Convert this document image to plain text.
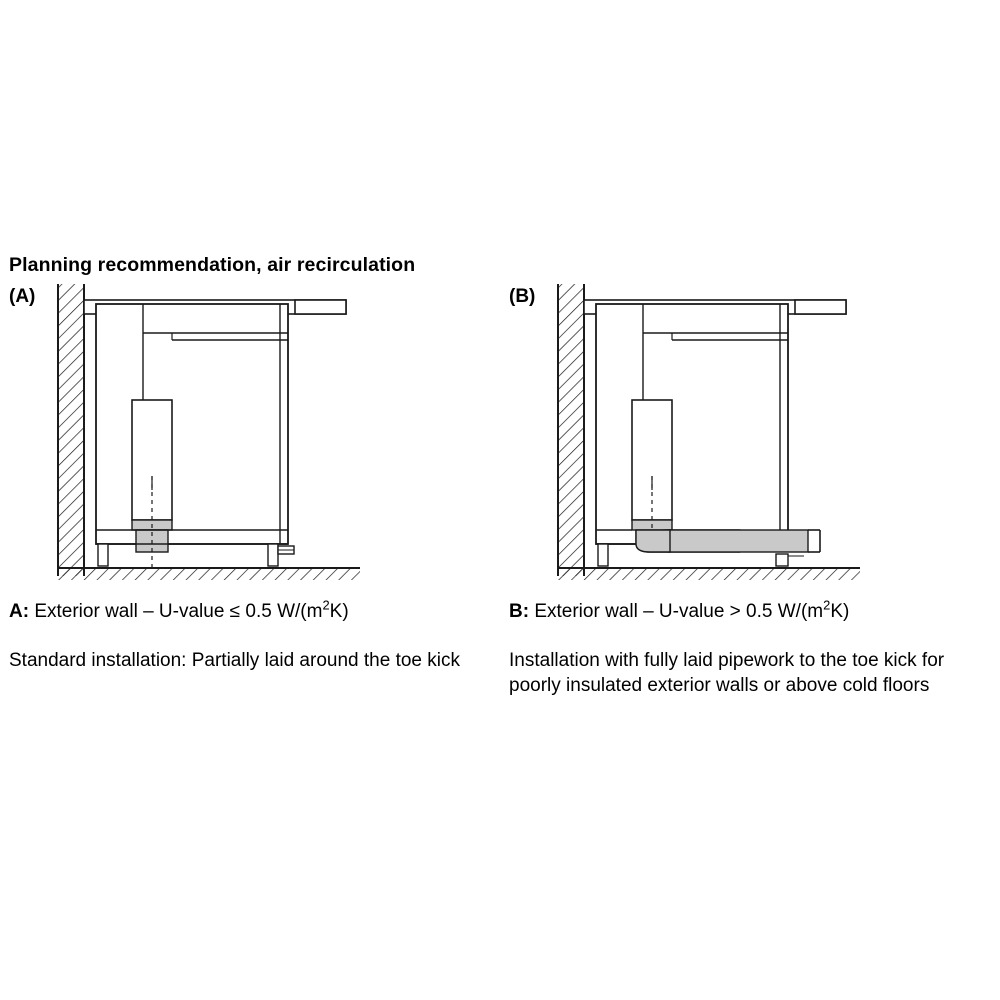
Planning recommendation, air recirculation
(A)	(B)
A: Exterior wall – U-value ≤ 0.5 $W/(m^2K)$	B: Exterior wall – U-value > 0.5 $W/(m^2K)$
Standard installation: Partially laid around the toe kick	Installation with fully laid pipework to the toe kick for poorly insulated exterior walls or above cold floors
